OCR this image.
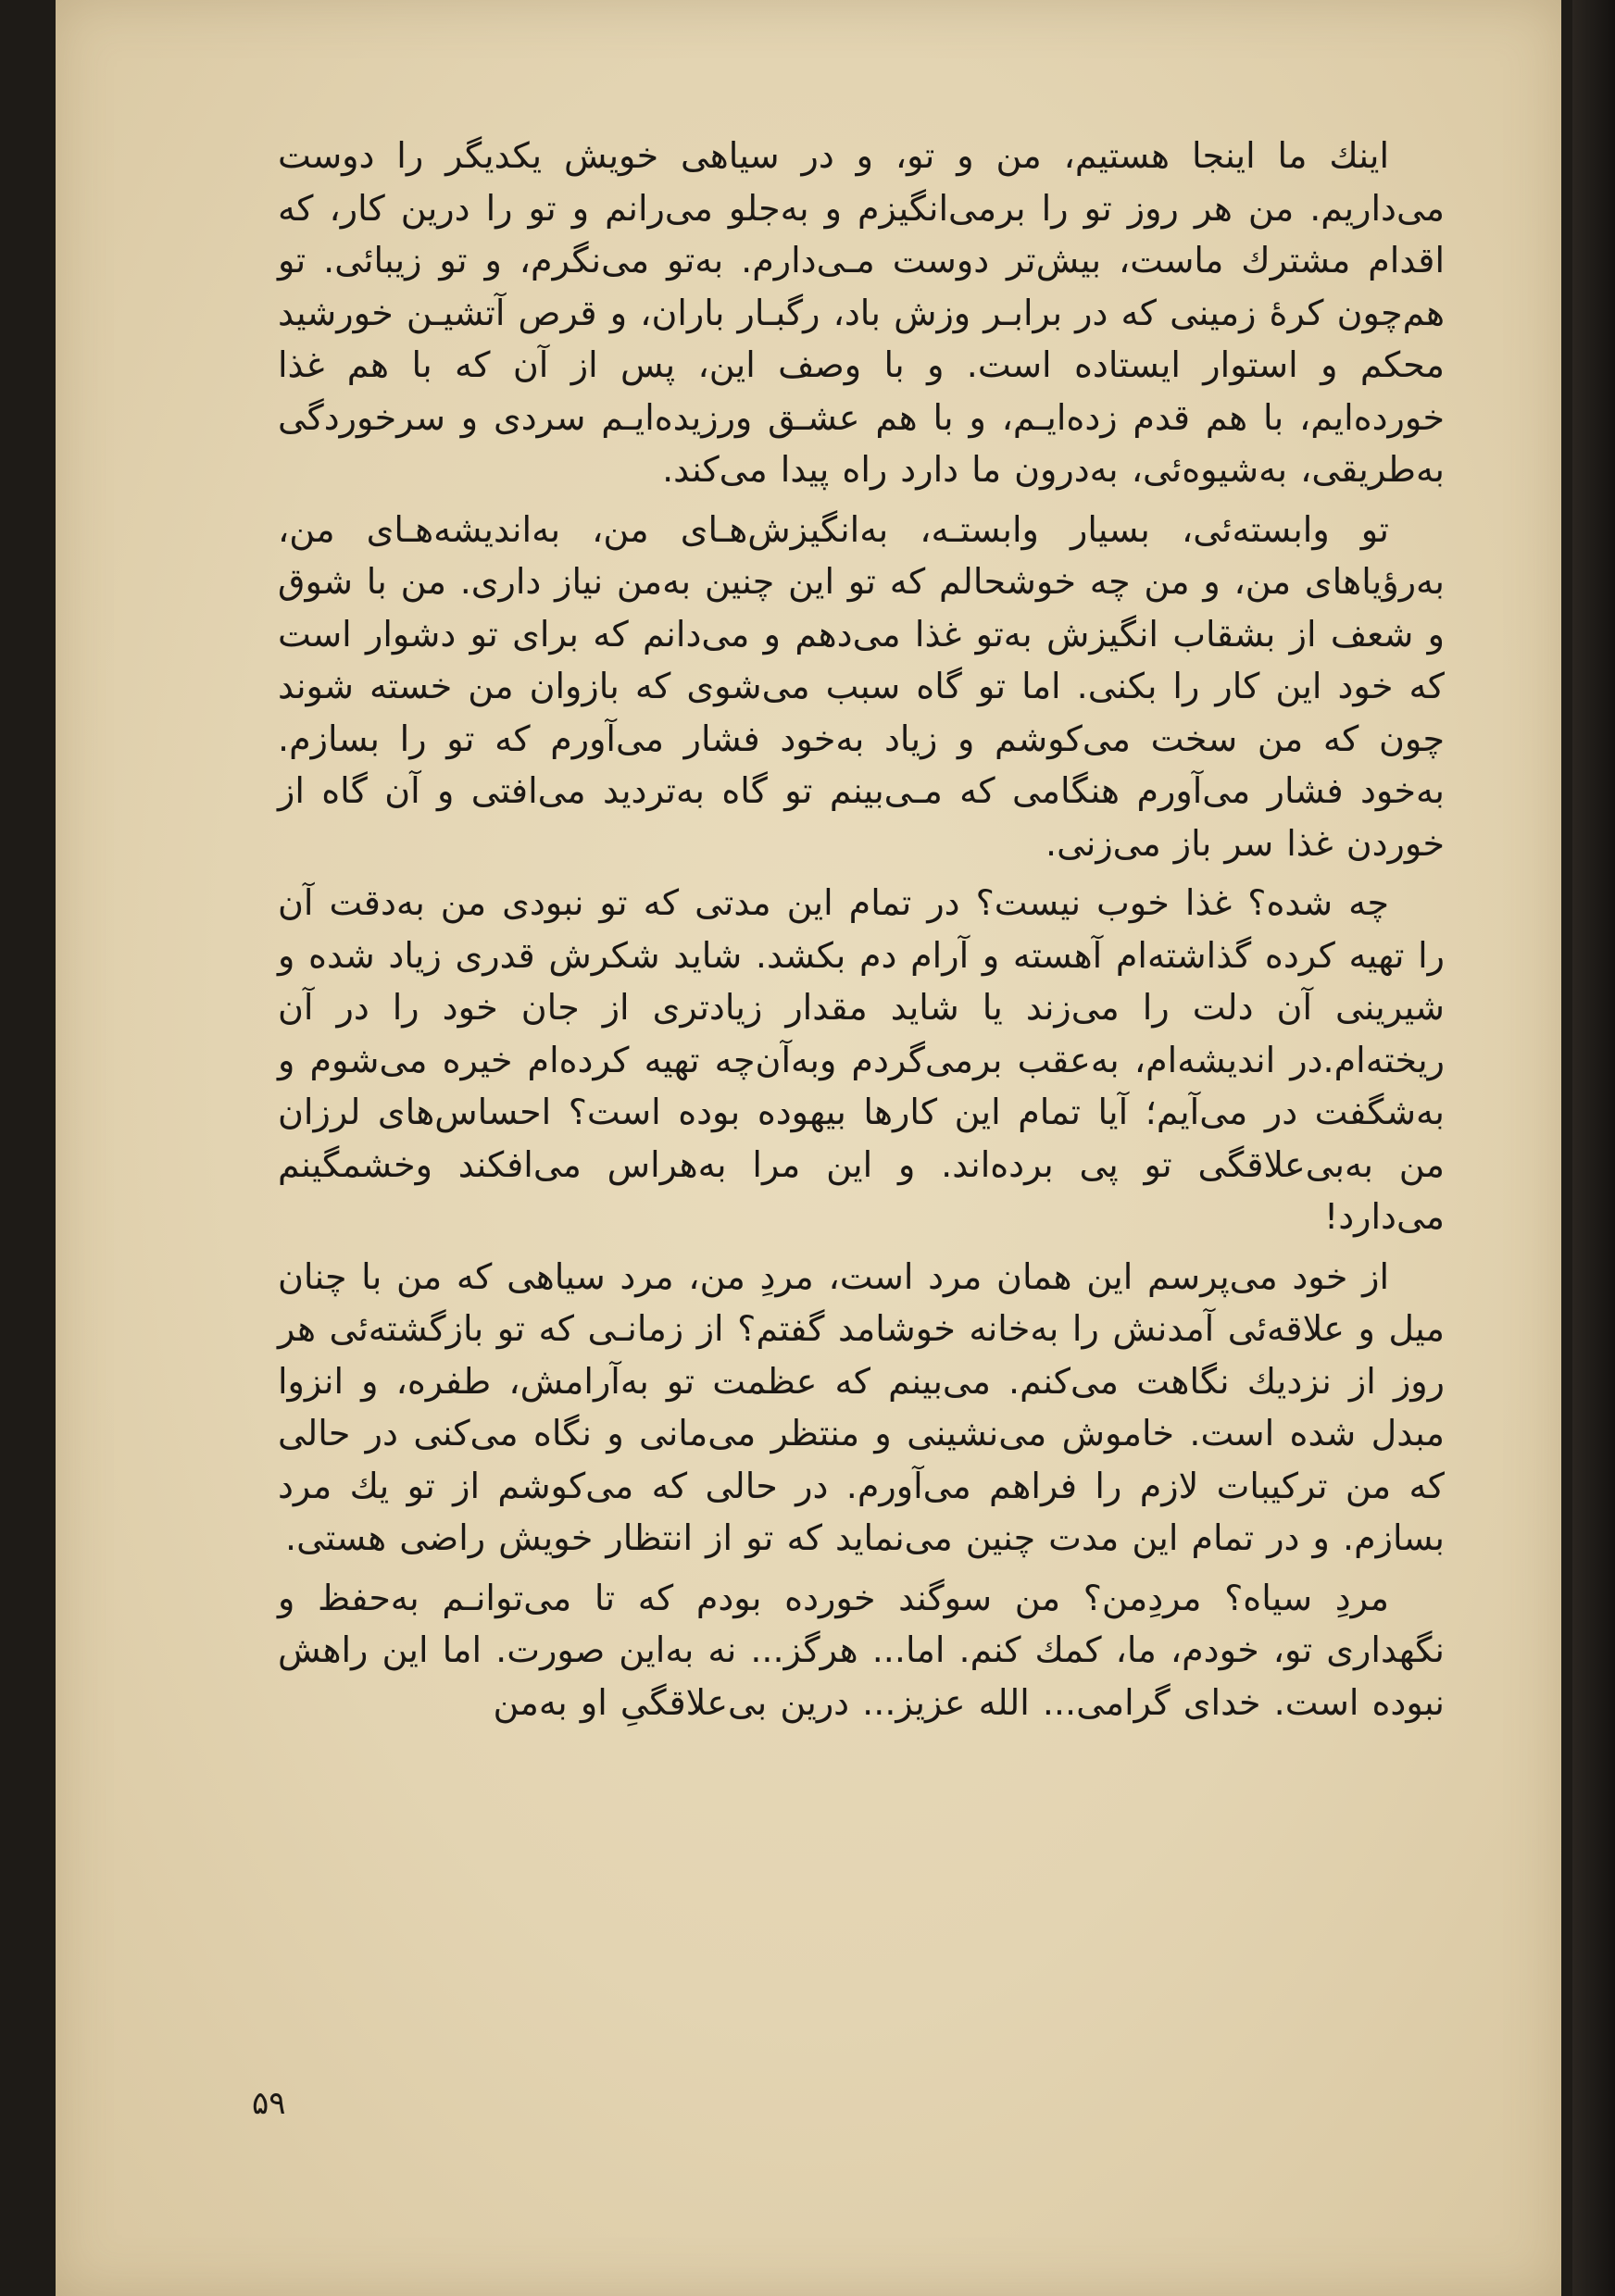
اینك ما اینجا هستیم، من و تو، و در سیاهی خویش یکدیگر را دوست می‌داریم. من هر روز تو را برمی‌انگیزم و به‌جلو می‌رانم و تو را درین کار، که اقدام مشترك ماست، بیش‌تر دوست مـی‌دارم. به‌تو می‌نگرم، و تو زیبائی. تو هم‌چون کرهٔ زمینی که در برابـر وزش باد، رگبـار باران، و قرص آتشیـن خورشید محکم و استوار ایستاده است. و با وصف این، پس از آن که با هم غذا خورده‌ایم، با هم قدم زده‌ایـم، و با هم عشـق ورزیده‌ایـم سردی و سرخوردگی به‌طریقی، به‌شیوه‌ئی، به‌درون ما دارد راه پیدا می‌کند.

تو وابسته‌ئی، بسیار وابستـه، به‌انگیزش‌هـای من، به‌اندیشه‌هـای من، به‌رؤیاهای من، و من چه خوشحالم که تو این چنین به‌من نیاز داری. من با شوق و شعف از بشقاب انگیزش به‌تو غذا می‌دهم و می‌دانم که برای تو دشوار است که خود این کار را بکنی. اما تو گاه سبب می‌شوی که بازوان من خسته شوند چون که من سخت می‌کوشم و زیاد به‌خود فشار می‌آورم که تو را بسازم. به‌خود فشار می‌آورم هنگامی که مـی‌بینم تو گاه به‌تردید می‌افتی و آن گاه از خوردن غذا سر باز می‌زنی.

چه شده؟ غذا خوب نیست؟ در تمام این مدتی که تو نبودی من به‌دقت آن را تهیه کرده گذاشته‌ام آهسته و آرام دم بکشد. شاید شکرش قدری زیاد شده و شیرینی آن دلت را می‌زند یا شاید مقدار زیادتری از جان خود را در آن ریخته‌ام.در اندیشه‌ام، به‌عقب برمی‌گردم وبه‌آن‌چه تهیه کرده‌ام خیره می‌شوم و به‌شگفت در می‌آیم؛ آیا تمام این کارها بیهوده بوده است؟ احساس‌های لرزان من به‌بی‌علاقگی تو پی برده‌اند. و این مرا به‌هراس می‌افکند وخشمگینم می‌دارد!

از خود می‌پرسم این همان مرد است، مردِ من، مرد سیاهی که من با چنان میل و علاقه‌ئی آمدنش را به‌خانه خوشامد گفتم؟ از زمانـی که تو بازگشته‌ئی هر روز از نزدیك نگاهت می‌کنم. می‌بینم که عظمت تو به‌آرامش، طفره، و انزوا مبدل شده است. خاموش می‌نشینی و منتظر می‌مانی و نگاه می‌کنی در حالی که من ترکیبات لازم را فراهم می‌آورم. در حالی که می‌کوشم از تو یك مرد بسازم. و در تمام این مدت چنین می‌نماید که تو از انتظار خویش راضی هستی.

مردِ سیاه؟ مردِمن؟ من سوگند خورده بودم که تا می‌توانـم به‌حفظ‌ و نگهداری تو، خودم، ما، کمك کنم. اما... هرگز... نه به‌این صورت. اما این راهش نبوده است. خدای گرامی... الله عزیز... درین بی‌علاقگیِ او به‌من

۵۹
